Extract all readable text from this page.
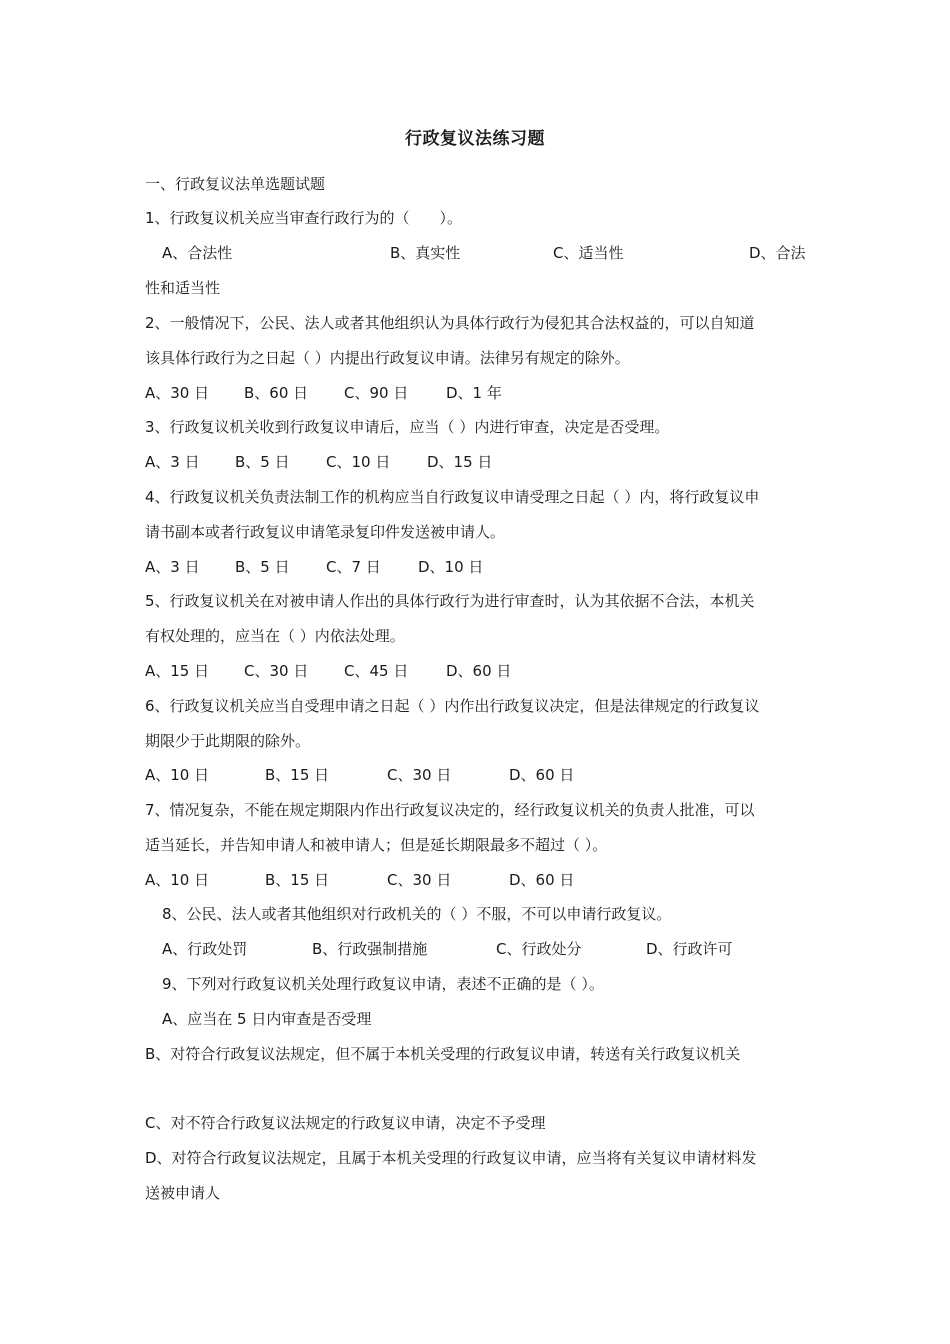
行政复议法练习题
一、行政复议法单选题试题
1、行政复议机关应当审查行政行为的（　　）。
A、合法性	B、真实性	C、适当性	D、合法
性和适当性
2、一般情况下，公民、法人或者其他组织认为具体行政行为侵犯其合法权益的，可以自知道
该具体行政行为之日起（ ）内提出行政复议申请。法律另有规定的除外。
A、30 日 B、60 日 C、90 日	D、1 年
3、行政复议机关收到行政复议申请后，应当（ ）内进行审查，决定是否受理。
A、3 日 B、5 日 C、10 日 D、15 日
4、行政复议机关负责法制工作的机构应当自行政复议申请受理之日起（ ）内，将行政复议申
请书副本或者行政复议申请笔录复印件发送被申请人。
A、3 日 B、5 日 C、7 日 D、10 日
5、行政复议机关在对被申请人作出的具体行政行为进行审查时，认为其依据不合法，本机关
有权处理的，应当在（ ）内依法处理。
A、15 日 C、30 日 C、45 日	D、60 日
6、行政复议机关应当自受理申请之日起（ ）内作出行政复议决定，但是法律规定的行政复议
期限少于此期限的除外。
A、10 日	B、15 日	C、30 日	D、60 日
7、情况复杂，不能在规定期限内作出行政复议决定的，经行政复议机关的负责人批准，可以
适当延长，并告知申请人和被申请人；但是延长期限最多不超过（ ）。
A、10 日	B、15 日	C、30 日	D、60 日
8、公民、法人或者其他组织对行政机关的（ ）不服，不可以申请行政复议。
A、行政处罚	B、行政强制措施	C、行政处分	D、行政许可
9、下列对行政复议机关处理行政复议申请，表述不正确的是（ ）。
A、应当在 5 日内审查是否受理
B、对符合行政复议法规定，但不属于本机关受理的行政复议申请，转送有关行政复议机关
C、对不符合行政复议法规定的行政复议申请，决定不予受理
D、对符合行政复议法规定，且属于本机关受理的行政复议申请，应当将有关复议申请材料发
送被申请人
